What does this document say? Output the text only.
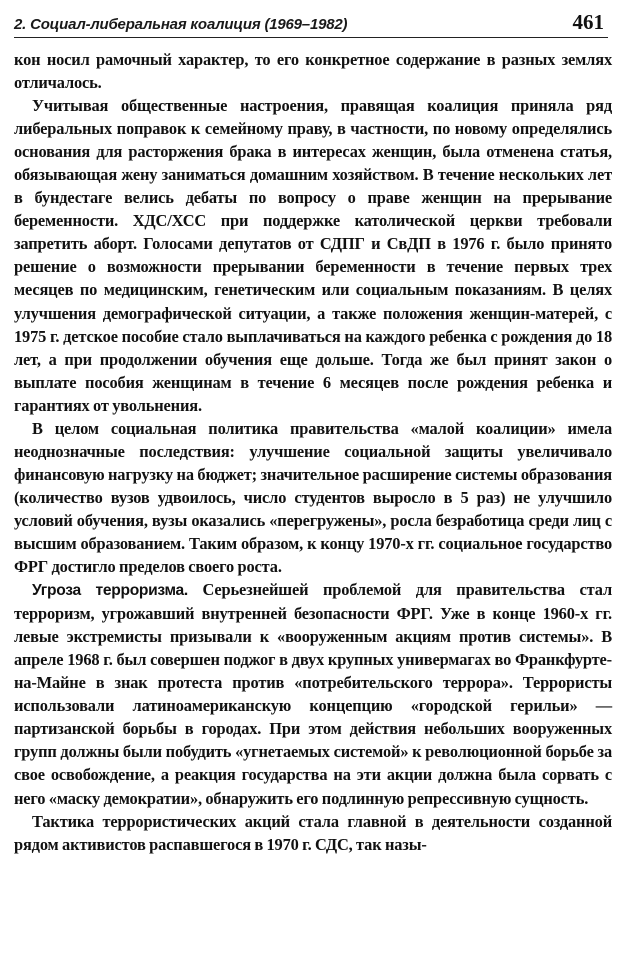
2. Социал-либеральная коалиция (1969–1982)	461

кон носил рамочный характер, то его конкретное содержание в разных землях отличалось.

Учитывая общественные настроения, правящая коалиция приняла ряд либеральных поправок к семейному праву, в частности, по новому определялись основания для расторжения брака в интересах женщин, была отменена статья, обязывающая жену заниматься домашним хозяйством. В течение нескольких лет в бундестаге велись дебаты по вопросу о праве женщин на прерывание беременности. ХДС/ХСС при поддержке католической церкви требовали запретить аборт. Голосами депутатов от СДПГ и СвДП в 1976 г. было принято решение о возможности прерывании беременности в течение первых трех месяцев по медицинским, генетическим или социальным показаниям. В целях улучшения демографической ситуации, а также положения женщин-матерей, с 1975 г. детское пособие стало выплачиваться на каждого ребенка с рождения до 18 лет, а при продолжении обучения еще дольше. Тогда же был принят закон о выплате пособия женщинам в течение 6 месяцев после рождения ребенка и гарантиях от увольнения.

В целом социальная политика правительства «малой коалиции» имела неоднозначные последствия: улучшение социальной защиты увеличивало финансовую нагрузку на бюджет; значительное расширение системы образования (количество вузов удвоилось, число студентов выросло в 5 раз) не улучшило условий обучения, вузы оказались «перегружены», росла безработица среди лиц с высшим образованием. Таким образом, к концу 1970-х гг. социальное государство ФРГ достигло пределов своего роста.

Угроза терроризма. Серьезнейшей проблемой для правительства стал терроризм, угрожавший внутренней безопасности ФРГ. Уже в конце 1960-х гг. левые экстремисты призывали к «вооруженным акциям против системы». В апреле 1968 г. был совершен поджог в двух крупных универмагах во Франкфурте-на-Майне в знак протеста против «потребительского террора». Террористы использовали латиноамериканскую концепцию «городской герильи» — партизанской борьбы в городах. При этом действия небольших вооруженных групп должны были побудить «угнетаемых системой» к революционной борьбе за свое освобождение, а реакция государства на эти акции должна была сорвать с него «маску демократии», обнаружить его подлинную репрессивную сущность.

Тактика террористических акций стала главной в деятельности созданной рядом активистов распавшегося в 1970 г. СДС, так назы-
